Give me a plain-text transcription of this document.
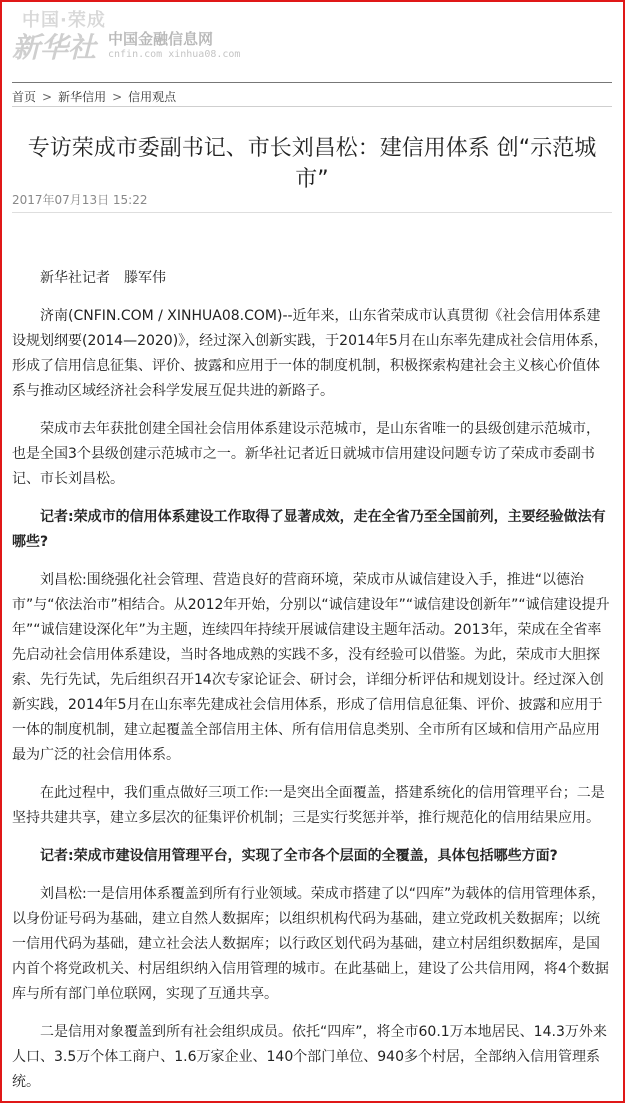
中国·荣成
新华社 中国金融信息网
cnfin.com xinhua08.com
首页 > 新华信用 > 信用观点
专访荣成市委副书记、市长刘昌松：建信用体系 创“示范城市”
2017年07月13日 15:22

新华社记者　滕军伟

济南(CNFIN.COM / XINHUA08.COM)--近年来，山东省荣成市认真贯彻《社会信用体系建设规划纲要(2014—2020)》，经过深入创新实践，于2014年5月在山东率先建成社会信用体系，形成了信用信息征集、评价、披露和应用于一体的制度机制，积极探索构建社会主义核心价值体系与推动区域经济社会科学发展互促共进的新路子。

荣成市去年获批创建全国社会信用体系建设示范城市，是山东省唯一的县级创建示范城市，也是全国3个县级创建示范城市之一。新华社记者近日就城市信用建设问题专访了荣成市委副书记、市长刘昌松。

记者:荣成市的信用体系建设工作取得了显著成效，走在全省乃至全国前列，主要经验做法有哪些?

刘昌松:围绕强化社会管理、营造良好的营商环境，荣成市从诚信建设入手，推进“以德治市”与“依法治市”相结合。从2012年开始，分别以“诚信建设年”“诚信建设创新年”“诚信建设提升年”“诚信建设深化年”为主题，连续四年持续开展诚信建设主题年活动。2013年，荣成在全省率先启动社会信用体系建设，当时各地成熟的实践不多，没有经验可以借鉴。为此，荣成市大胆探索、先行先试，先后组织召开14次专家论证会、研讨会，详细分析评估和规划设计。经过深入创新实践，2014年5月在山东率先建成社会信用体系，形成了信用信息征集、评价、披露和应用于一体的制度机制，建立起覆盖全部信用主体、所有信用信息类别、全市所有区域和信用产品应用最为广泛的社会信用体系。

在此过程中，我们重点做好三项工作:一是突出全面覆盖，搭建系统化的信用管理平台；二是坚持共建共享，建立多层次的征集评价机制；三是实行奖惩并举，推行规范化的信用结果应用。

记者:荣成市建设信用管理平台，实现了全市各个层面的全覆盖，具体包括哪些方面?

刘昌松:一是信用体系覆盖到所有行业领域。荣成市搭建了以“四库”为载体的信用管理体系，以身份证号码为基础，建立自然人数据库；以组织机构代码为基础，建立党政机关数据库；以统一信用代码为基础，建立社会法人数据库；以行政区划代码为基础，建立村居组织数据库，是国内首个将党政机关、村居组织纳入信用管理的城市。在此基础上，建设了公共信用网，将4个数据库与所有部门单位联网，实现了互通共享。

二是信用对象覆盖到所有社会组织成员。依托“四库”，将全市60.1万本地居民、14.3万外来人口、3.5万个体工商户、1.6万家企业、140个部门单位、940多个村居，全部纳入信用管理系统。
